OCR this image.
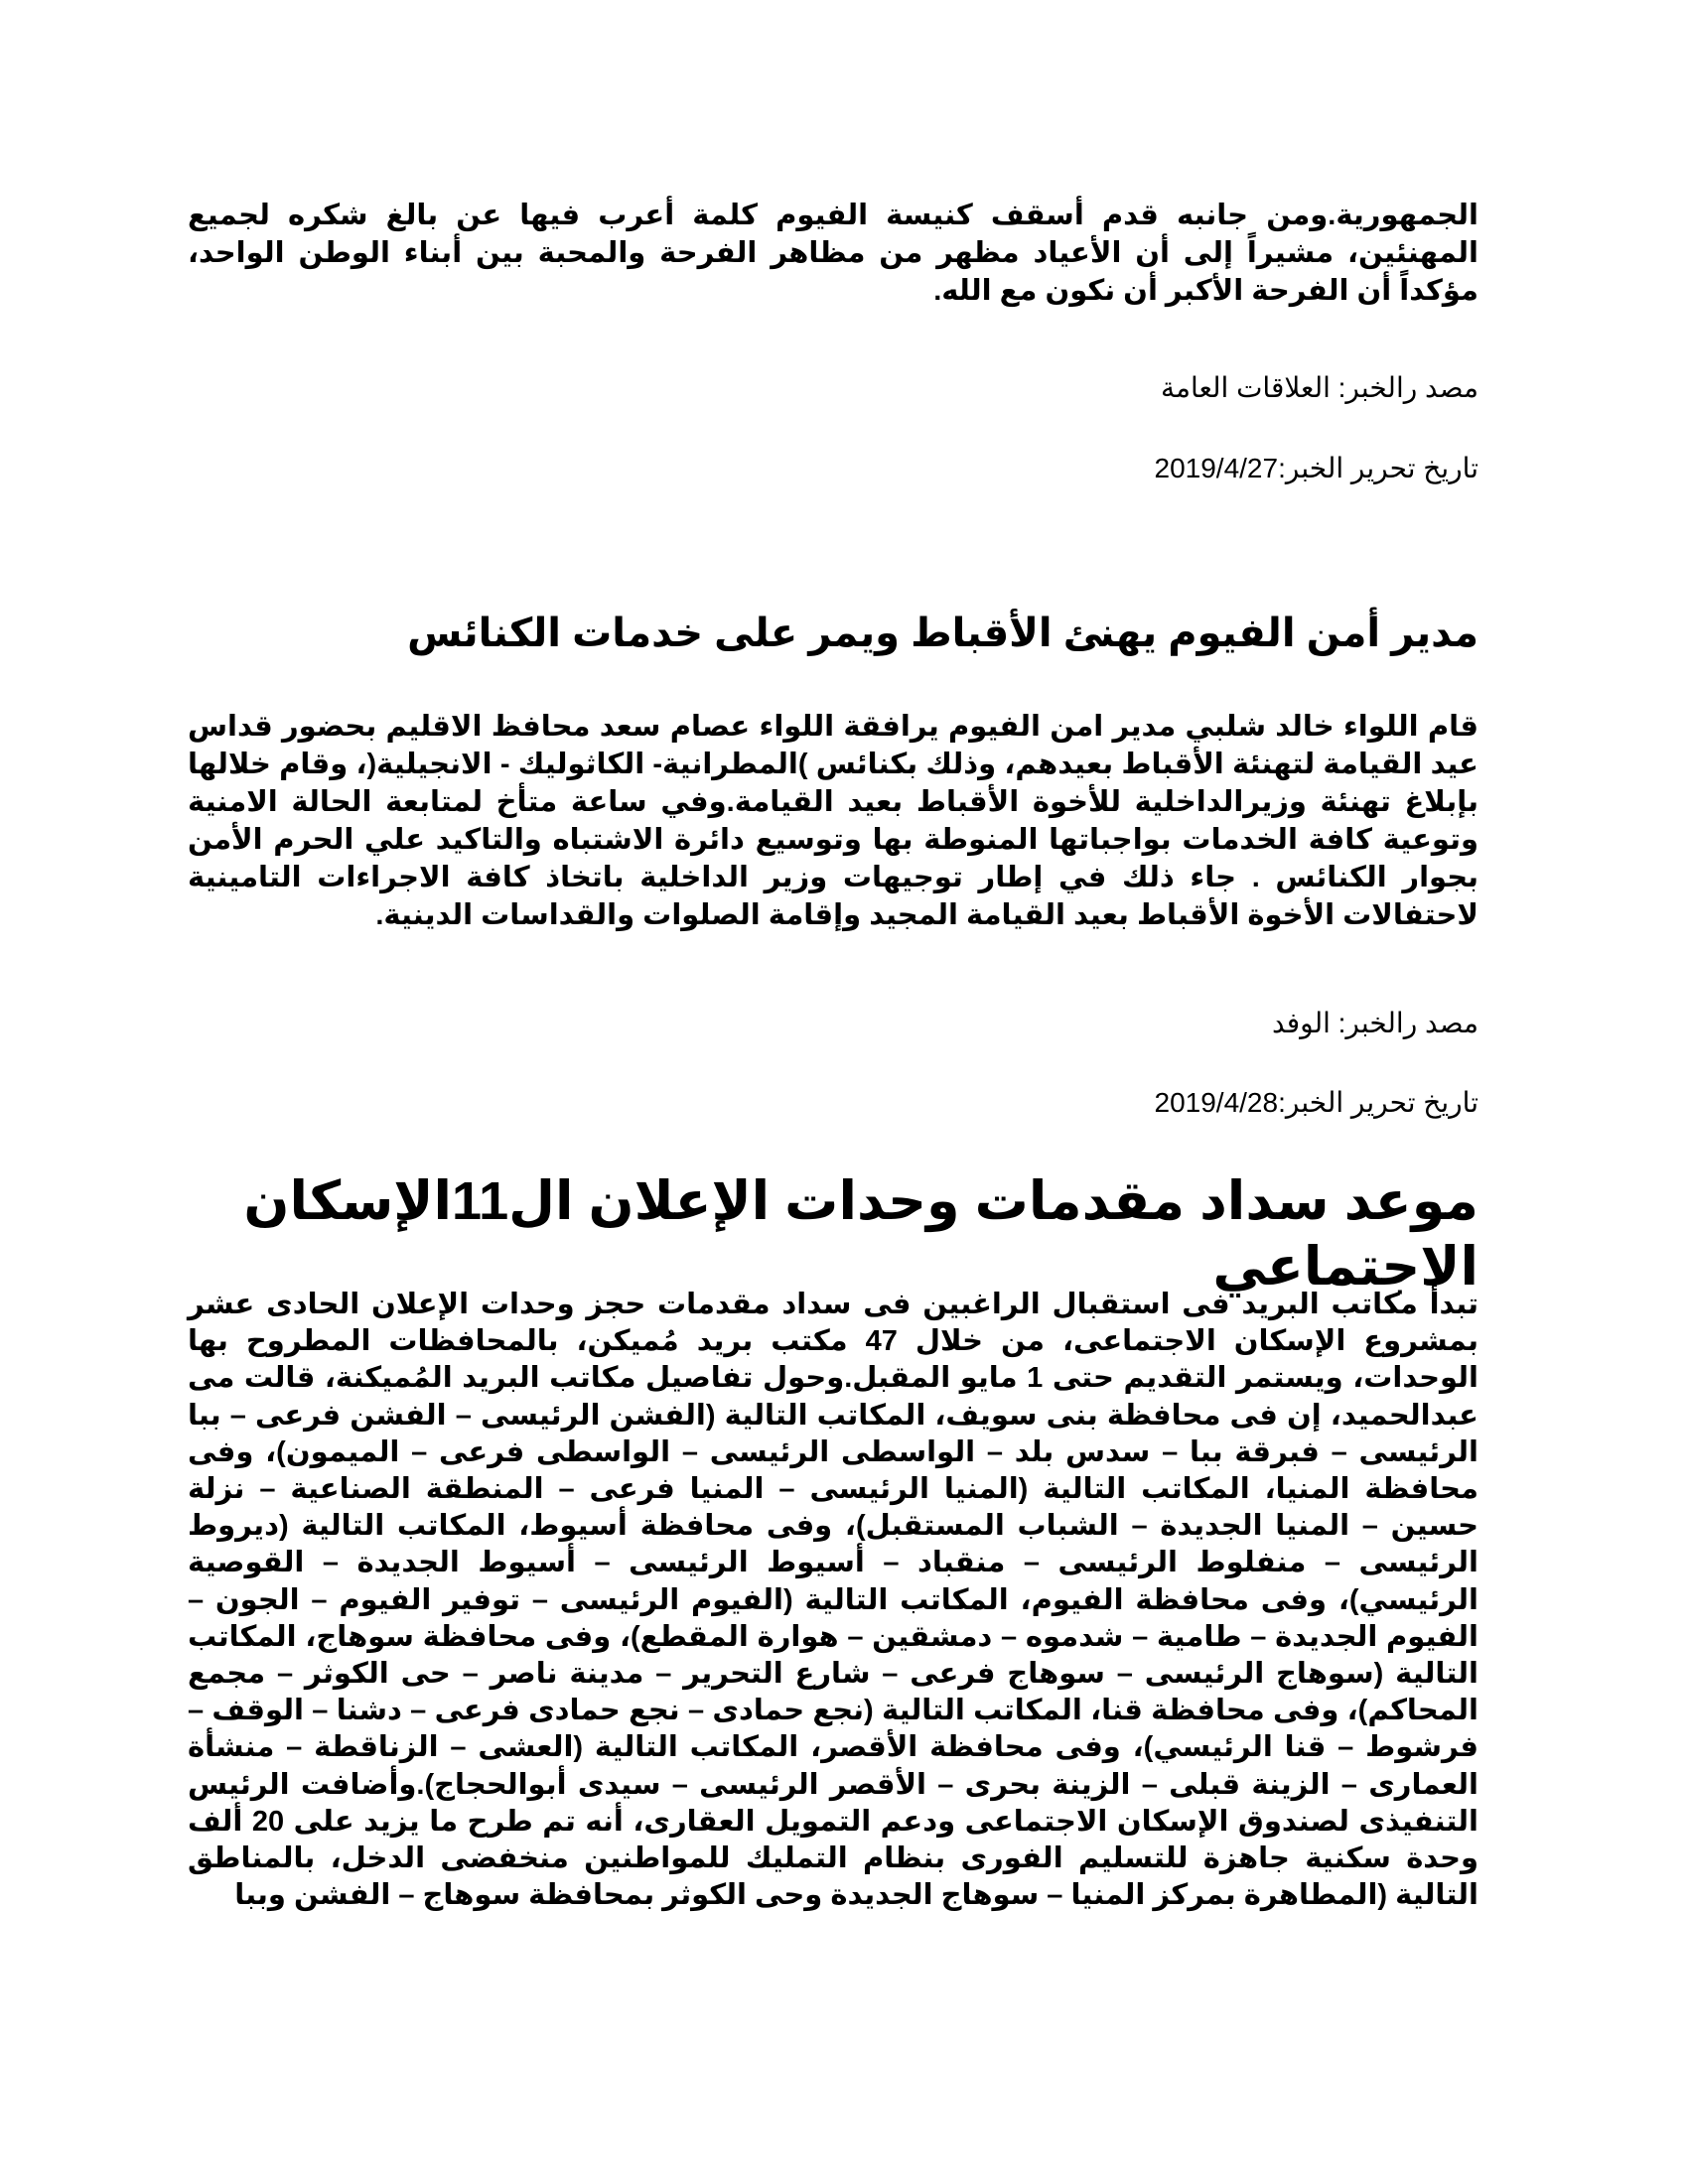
الجمهورية.ومن جانبه قدم أسقف كنيسة الفيوم كلمة أعرب فيها عن بالغ شكره لجميع المهنئين، مشيراً إلى أن الأعياد مظهر من مظاهر الفرحة والمحبة بين أبناء الوطن الواحد، مؤكداً أن الفرحة الأكبر أن نكون مع الله.

مصد رالخبر: العلاقات العامة

تاريخ تحرير الخبر:2019/4/27

مدير أمن الفيوم يهنئ الأقباط ويمر على خدمات الكنائس

قام اللواء خالد شلبي مدير امن الفيوم يرافقة اللواء عصام سعد محافظ الاقليم بحضور قداس عيد القيامة لتهنئة الأقباط بعيدهم، وذلك بكنائس )المطرانية- الكاثوليك - الانجيلية(، وقام خلالها بإبلاغ تهنئة وزيرالداخلية للأخوة الأقباط بعيد القيامة.وفي ساعة متأخ لمتابعة الحالة الامنية وتوعية كافة الخدمات بواجباتها المنوطة بها وتوسيع دائرة الاشتباه والتاكيد علي الحرم الأمن بجوار الكنائس . جاء ذلك في إطار توجيهات وزير الداخلية باتخاذ كافة الاجراءات التامينية لاحتفالات الأخوة الأقباط بعيد القيامة المجيد وإقامة الصلوات والقداسات الدينية.

مصد رالخبر: الوفد

تاريخ تحرير الخبر:2019/4/28

موعد سداد مقدمات وحدات الإعلان ال11الإسكان الاجتماعي

تبدأ مكاتب البريد فى استقبال الراغبين فى سداد مقدمات حجز وحدات الإعلان الحادى عشر بمشروع الإسكان الاجتماعى، من خلال 47 مكتب بريد مُميكن، بالمحافظات المطروح بها الوحدات، ويستمر التقديم حتى 1 مايو المقبل.وحول تفاصيل مكاتب البريد المُميكنة، قالت مى عبدالحميد، إن فى محافظة بنى سويف، المكاتب التالية (الفشن الرئيسى – الفشن فرعى – ببا الرئيسى – فبرقة ببا – سدس بلد – الواسطى الرئيسى – الواسطى فرعى – الميمون)، وفى محافظة المنيا، المكاتب التالية (المنيا الرئيسى – المنيا فرعى – المنطقة الصناعية – نزلة حسين – المنيا الجديدة – الشباب المستقبل)، وفى محافظة أسيوط، المكاتب التالية (ديروط الرئيسى – منفلوط الرئيسى – منقباد – أسيوط الرئيسى – أسيوط الجديدة – القوصية الرئيسي)، وفى محافظة الفيوم، المكاتب التالية (الفيوم الرئيسى – توفير الفيوم – الجون – الفيوم الجديدة – طامية – شدموه – دمشقين – هوارة المقطع)، وفى محافظة سوهاج، المكاتب التالية (سوهاج الرئيسى – سوهاج فرعى – شارع التحرير – مدينة ناصر – حى الكوثر – مجمع المحاكم)، وفى محافظة قنا، المكاتب التالية (نجع حمادى – نجع حمادى فرعى – دشنا – الوقف – فرشوط – قنا الرئيسي)، وفى محافظة الأقصر، المكاتب التالية (العشى – الزناقطة – منشأة العمارى – الزينة قبلى – الزينة بحرى – الأقصر الرئيسى – سيدى أبوالحجاج).وأضافت الرئيس التنفيذى لصندوق الإسكان الاجتماعى ودعم التمويل العقارى، أنه تم طرح ما يزيد على 20 ألف وحدة سكنية جاهزة للتسليم الفورى بنظام التمليك للمواطنين منخفضى الدخل، بالمناطق التالية (المطاهرة بمركز المنيا – سوهاج الجديدة وحى الكوثر بمحافظة سوهاج – الفشن وببا
